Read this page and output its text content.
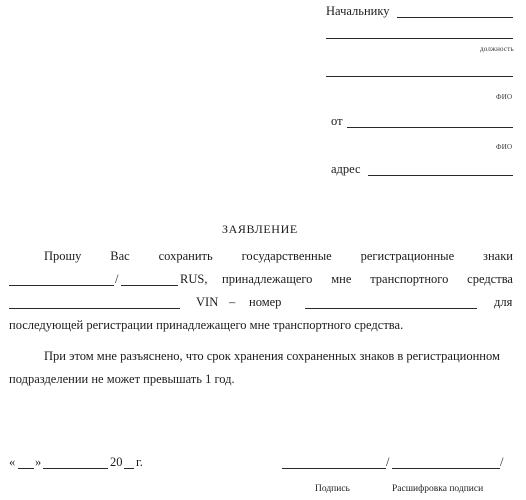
Начальнику
должность
ФИО
от
ФИО
адрес
ЗАЯВЛЕНИЕ
Прошу Вас сохранить государственные регистрационные знаки
/	RUS, принадлежащего мне транспортного средства
VIN – номер	для
последующей регистрации принадлежащего мне транспортного средства.
При этом мне разъяснено, что срок хранения сохраненных знаков в регистрационном
подразделении не может превышать 1 год.
« »	20 г.	/	/
Подпись	Расшифровка подписи
